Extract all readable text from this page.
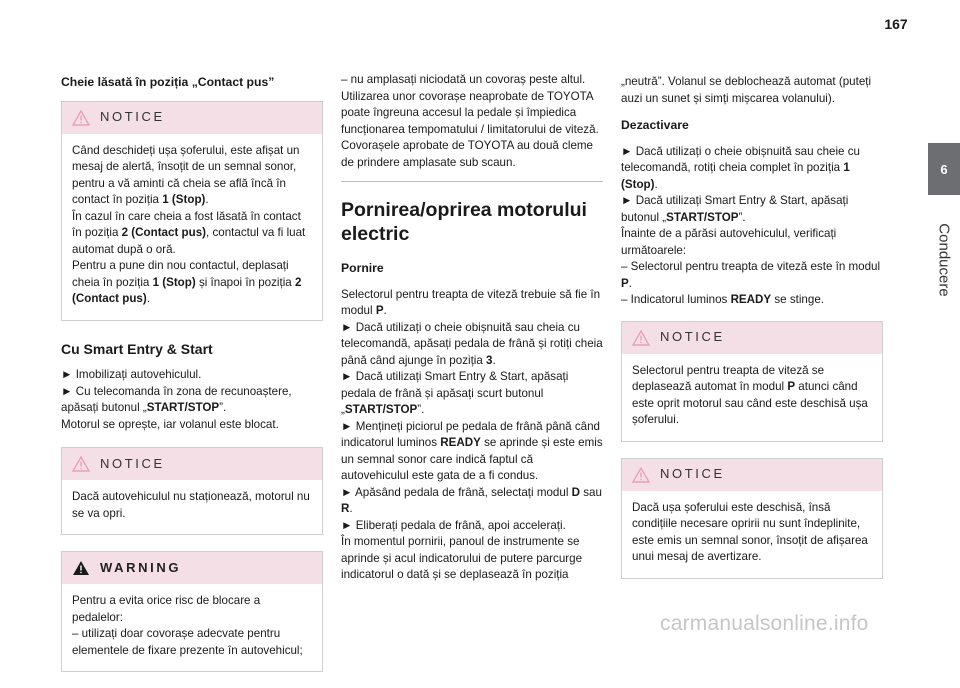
167
6
Conducere
Cheie lăsată în poziția „Contact pus”
NOTICE

Când deschideți ușa șoferului, este afișat un mesaj de alertă, însoțit de un semnal sonor, pentru a vă aminti că cheia se află încă în contact în poziția 1 (Stop).
În cazul în care cheia a fost lăsată în contact în poziția 2 (Contact pus), contactul va fi luat automat după o oră.
Pentru a pune din nou contactul, deplasați cheia în poziția 1 (Stop) și înapoi în poziția 2 (Contact pus).

Cu Smart Entry & Start

► Imobilizați autovehiculul.
► Cu telecomanda în zona de recunoaștere, apăsați butonul „START/STOP”.
Motorul se oprește, iar volanul este blocat.

NOTICE

Dacă autovehiculul nu staționează, motorul nu se va opri.

WARNING

Pentru a evita orice risc de blocare a pedalelor:
– utilizați doar covorașe adecvate pentru elementele de fixare prezente în autovehicul;

– nu amplasați niciodată un covoraș peste altul.
Utilizarea unor covorașe neaprobate de TOYOTA poate îngreuna accesul la pedale și împiedica funcționarea tempomatului / limitatorului de viteză.
Covorașele aprobate de TOYOTA au două cleme de prindere amplasate sub scaun.

Pornirea/oprirea motorului electric
Pornire

Selectorul pentru treapta de viteză trebuie să fie în modul P.
► Dacă utilizați o cheie obișnuită sau cheia cu telecomandă, apăsați pedala de frână și rotiți cheia până când ajunge în poziția 3.
► Dacă utilizați Smart Entry & Start, apăsați pedala de frână și apăsați scurt butonul „START/STOP”.
► Mențineți piciorul pe pedala de frână până când indicatorul luminos READY se aprinde și este emis un semnal sonor care indică faptul că autovehiculul este gata de a fi condus.
► Apăsând pedala de frână, selectați modul D sau R.
► Eliberați pedala de frână, apoi accelerați.
În momentul pornirii, panoul de instrumente se aprinde și acul indicatorului de putere parcurge indicatorul o dată și se deplasează în poziția

„neutră”. Volanul se deblochează automat (puteți auzi un sunet și simți mișcarea volanului).

Dezactivare

► Dacă utilizați o cheie obișnuită sau cheie cu telecomandă, rotiți cheia complet în poziția 1 (Stop).
► Dacă utilizați Smart Entry & Start, apăsați butonul „START/STOP”.
Înainte de a părăsi autovehiculul, verificați următoarele:
– Selectorul pentru treapta de viteză este în modul P.
– Indicatorul luminos READY se stinge.

NOTICE

Selectorul pentru treapta de viteză se deplasează automat în modul P atunci când este oprit motorul sau când este deschisă ușa șoferului.

NOTICE

Dacă ușa șoferului este deschisă, însă condițiile necesare opririi nu sunt îndeplinite, este emis un semnal sonor, însoțit de afișarea unui mesaj de avertizare.

carmanualsonline.info
